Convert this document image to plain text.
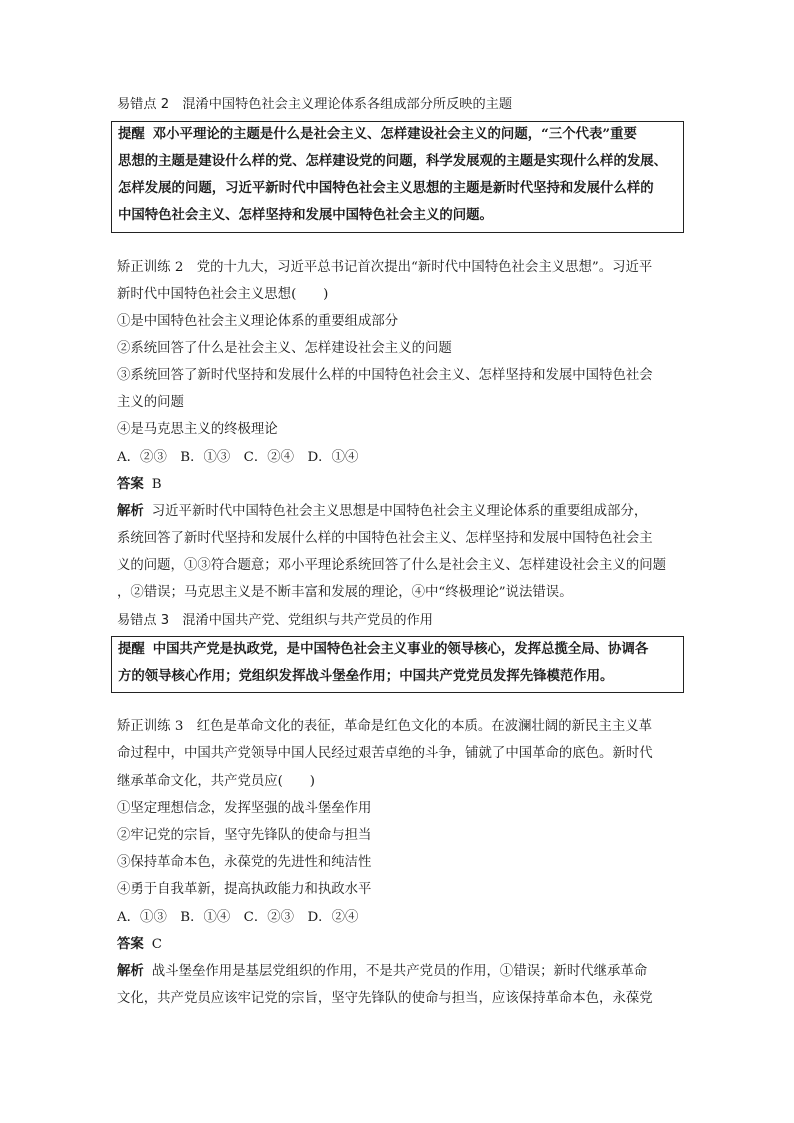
易错点 2　混淆中国特色社会主义理论体系各组成部分所反映的主题
提醒 邓小平理论的主题是什么是社会主义、怎样建设社会主义的问题，“三个代表”重要
思想的主题是建设什么样的党、怎样建设党的问题，科学发展观的主题是实现什么样的发展、
怎样发展的问题，习近平新时代中国特色社会主义思想的主题是新时代坚持和发展什么样的
中国特色社会主义、怎样坚持和发展中国特色社会主义的问题。
矫正训练 2　党的十九大，习近平总书记首次提出“新时代中国特色社会主义思想”。习近平
新时代中国特色社会主义思想(　　)
①是中国特色社会主义理论体系的重要组成部分
②系统回答了什么是社会主义、怎样建设社会主义的问题
③系统回答了新时代坚持和发展什么样的中国特色社会主义、怎样坚持和发展中国特色社会
主义的问题
④是马克思主义的终极理论
A．②③　B．①③　C．②④　D．①④
答案 B
解析 习近平新时代中国特色社会主义思想是中国特色社会主义理论体系的重要组成部分，
系统回答了新时代坚持和发展什么样的中国特色社会主义、怎样坚持和发展中国特色社会主
义的问题，①③符合题意；邓小平理论系统回答了什么是社会主义、怎样建设社会主义的问题
，②错误；马克思主义是不断丰富和发展的理论，④中“终极理论”说法错误。
易错点 3　混淆中国共产党、党组织与共产党员的作用
提醒 中国共产党是执政党，是中国特色社会主义事业的领导核心，发挥总揽全局、协调各
方的领导核心作用；党组织发挥战斗堡垒作用；中国共产党党员发挥先锋模范作用。
矫正训练 3　红色是革命文化的表征，革命是红色文化的本质。在波澜壮阔的新民主主义革
命过程中，中国共产党领导中国人民经过艰苦卓绝的斗争，铺就了中国革命的底色。新时代
继承革命文化，共产党员应(　　)
①坚定理想信念，发挥坚强的战斗堡垒作用
②牢记党的宗旨，坚守先锋队的使命与担当
③保持革命本色，永葆党的先进性和纯洁性
④勇于自我革新，提高执政能力和执政水平
A．①③　B．①④　C．②③　D．②④
答案 C
解析 战斗堡垒作用是基层党组织的作用，不是共产党员的作用，①错误；新时代继承革命
文化，共产党员应该牢记党的宗旨，坚守先锋队的使命与担当，应该保持革命本色，永葆党
